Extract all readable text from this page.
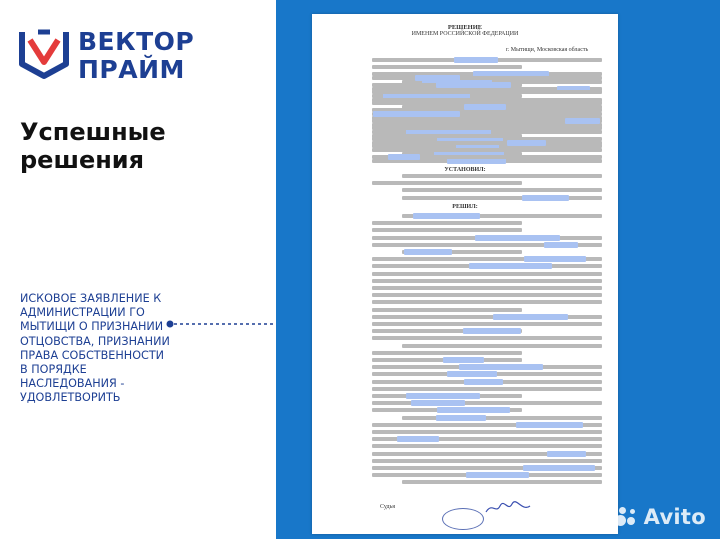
ВЕКТОР
ПРАЙМ
Успешные
решения
ИСКОВОЕ ЗАЯВЛЕНИЕ К АДМИНИСТРАЦИИ ГО МЫТИЩИ О ПРИЗНАНИИ ОТЦОВСТВА, ПРИЗНАНИИ ПРАВА СОБСТВЕННОСТИ В ПОРЯДКЕ НАСЛЕДОВАНИЯ - УДОВЛЕТВОРИТЬ
РЕШЕНИЕ
ИМЕНЕМ РОССИЙСКОЙ ФЕДЕРАЦИИ
г. Мытищи, Московская область
УСТАНОВИЛ:
РЕШИЛ:
Судья	Avito
